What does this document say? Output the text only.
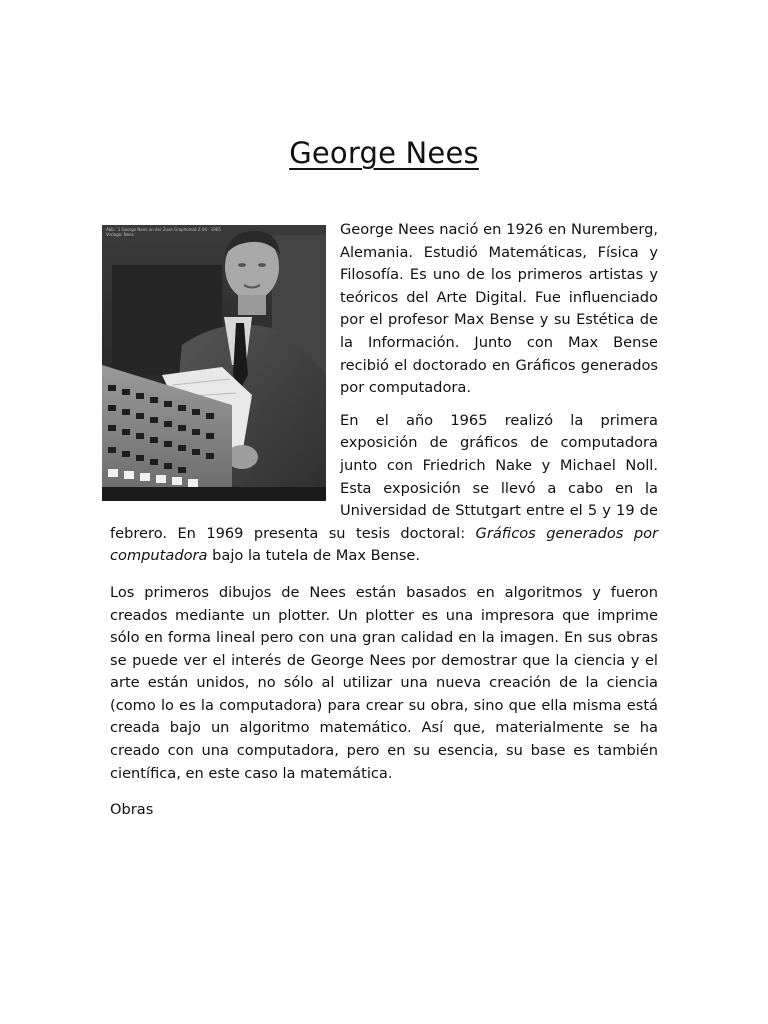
George Nees
Abb.: 1 George Nees an der Zuse Graphomat Z 64 · 1965
Vorlage: Nees	George Nees nació en 1926 en Nuremberg, Alemania. Estudió Matemáticas, Física y Filosofía. Es uno de los primeros artistas y teóricos del Arte Digital. Fue influenciado por el profesor Max Bense y su Estética de la Información. Junto con Max Bense recibió el doctorado en Gráficos generados por computadora.

En el año 1965 realizó la primera exposición de gráficos de computadora junto con Friedrich Nake y Michael Noll. Esta exposición se llevó a cabo en la Universidad de Sttutgart entre el 5 y 19 de febrero. En 1969 presenta su tesis doctoral: Gráficos generados por computadora bajo la tutela de Max Bense.

Los primeros dibujos de Nees están basados en algoritmos y fueron creados mediante un plotter. Un plotter es una impresora que imprime sólo en forma lineal pero con una gran calidad en la imagen. En sus obras se puede ver el interés de George Nees por demostrar que la ciencia y el arte están unidos, no sólo al utilizar una nueva creación de la ciencia (como lo es la computadora) para crear su obra, sino que ella misma está creada bajo un algoritmo matemático. Así que, materialmente se ha creado con una computadora, pero en su esencia, su base es también científica, en este caso la matemática.

Obras
